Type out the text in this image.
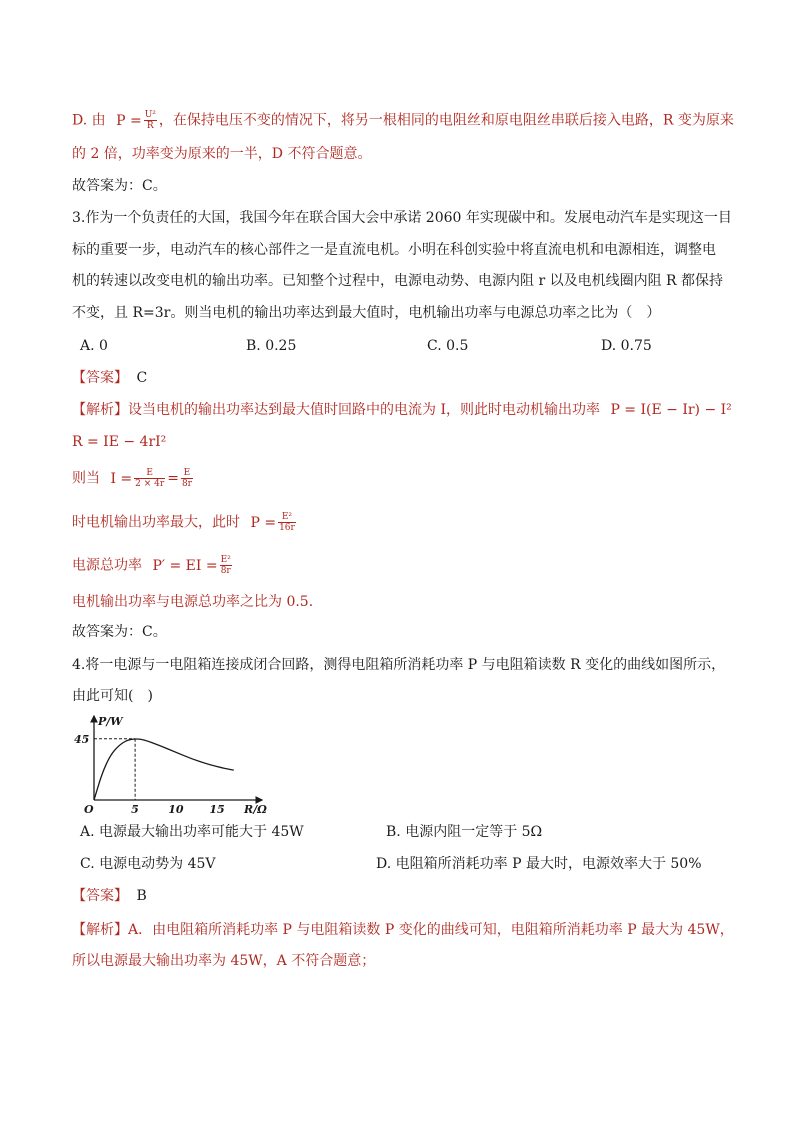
D. 由 $P = \frac{\text{U²}}{R}$ ，在保持电压不变的情况下，将另一根相同的电阻丝和原电阻丝串联后接入电路，R 变为原来
的 2 倍，功率变为原来的一半，D 不符合题意。
故答案为：C。
3.作为一个负责任的大国，我国今年在联合国大会中承诺 2060 年实现碳中和。发展电动汽车是实现这一目
标的重要一步，电动汽车的核心部件之一是直流电机。小明在科创实验中将直流电机和电源相连，调整电
机的转速以改变电机的输出功率。已知整个过程中，电源电动势、电源内阻 r 以及电机线圈内阻 R 都保持
不变，且 R=3r。则当电机的输出功率达到最大值时，电机输出功率与电源总功率之比为（　）
A. 0	B. 0.25	C. 0.5	D. 0.75
【答案】 C
【解析】设当电机的输出功率达到最大值时回路中的电流为 I，则此时电动机输出功率 P = I(E − Ir) − I²
R = IE − 4rI²
则当 $I = \frac{E}{2 \times 4r} = \frac{E}{8r}$
时电机输出功率最大，此时 $P = \frac{\text{E²}}{16r}$
电源总功率 P′ = EI = $\frac{\text{E²}}{8r}$
电机输出功率与电源总功率之比为 0.5.
故答案为：C。
4.将一电源与一电阻箱连接成闭合回路，测得电阻箱所消耗功率 P 与电阻箱读数 R 变化的曲线如图所示，
由此可知(　)
P/W
R/Ω
O	5	10 15
45
A. 电源最大输出功率可能大于 45W	B. 电源内阻一定等于 5Ω
C. 电源电动势为 45V	D. 电阻箱所消耗功率 P 最大时，电源效率大于 50%
【答案】 B
【解析】A．由电阻箱所消耗功率 P 与电阻箱读数 P 变化的曲线可知，电阻箱所消耗功率 P 最大为 45W，
所以电源最大输出功率为 45W，A 不符合题意；
